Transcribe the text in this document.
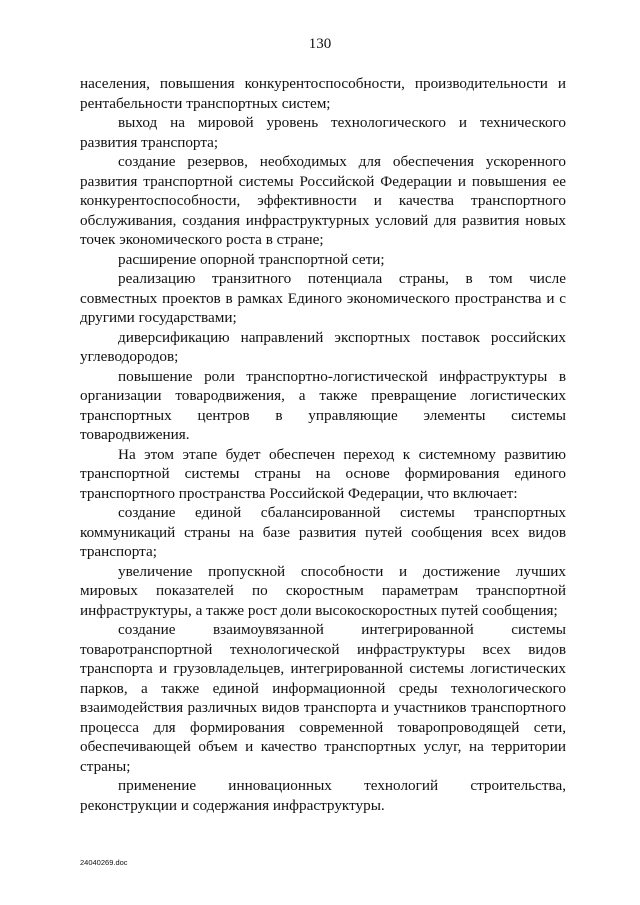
130

населения, повышения конкурентоспособности, производительности и рентабельности транспортных систем;

выход на мировой уровень технологического и технического развития транспорта;

создание резервов, необходимых для обеспечения ускоренного развития транспортной системы Российской Федерации и повышения ее конкурентоспособности, эффективности и качества транспортного обслуживания, создания инфраструктурных условий для развития новых точек экономического роста в стране;

расширение опорной транспортной сети;

реализацию транзитного потенциала страны, в том числе совместных проектов в рамках Единого экономического пространства и с другими государствами;

диверсификацию направлений экспортных поставок российских углеводородов;

повышение роли транспортно-логистической инфраструктуры в организации товародвижения, а также превращение логистических транспортных центров в управляющие элементы системы товародвижения.

На этом этапе будет обеспечен переход к системному развитию транспортной системы страны на основе формирования единого транспортного пространства Российской Федерации, что включает:

создание единой сбалансированной системы транспортных коммуникаций страны на базе развития путей сообщения всех видов транспорта;

увеличение пропускной способности и достижение лучших мировых показателей по скоростным параметрам транспортной инфраструктуры, а также рост доли высокоскоростных путей сообщения;

создание взаимоувязанной интегрированной системы товаротранспортной технологической инфраструктуры всех видов транспорта и грузовладельцев, интегрированной системы логистических парков, а также единой информационной среды технологического взаимодействия различных видов транспорта и участников транспортного процесса для формирования современной товаропроводящей сети, обеспечивающей объем и качество транспортных услуг, на территории страны;

применение инновационных технологий строительства, реконструкции и содержания инфраструктуры.

24040269.doc
